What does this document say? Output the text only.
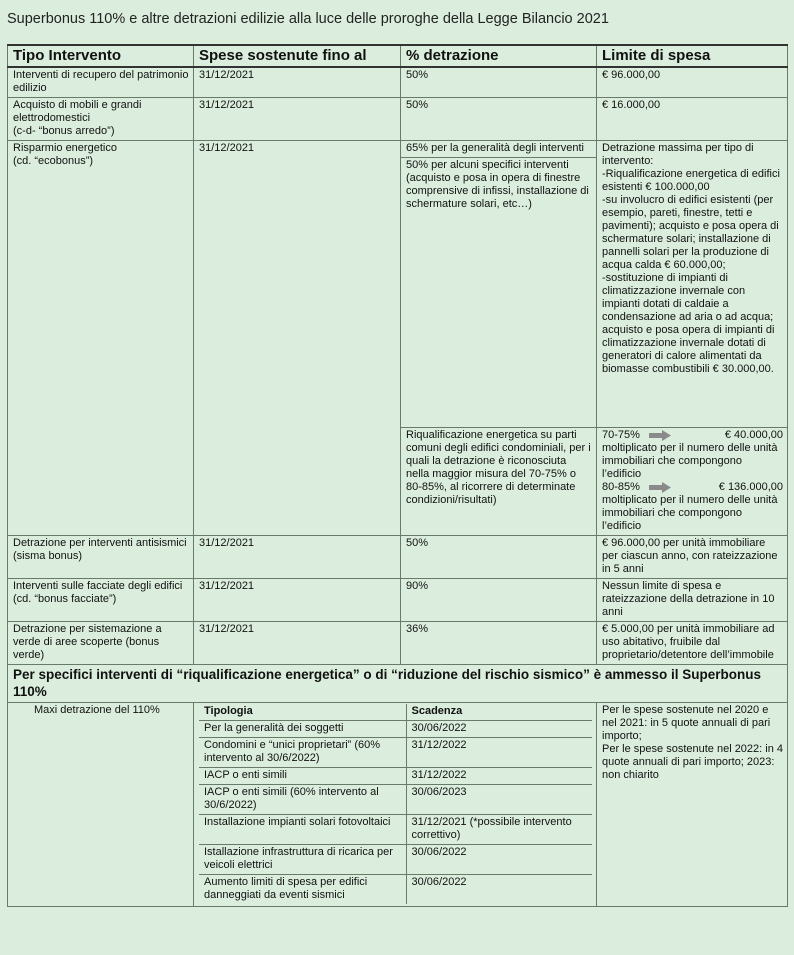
Superbonus 110% e altre detrazioni edilizie alla luce delle proroghe della Legge Bilancio 2021
Tipo Intervento	Spese sostenute fino al	% detrazione	Limite di spesa
Interventi di recupero del patrimonio edilizio	31/12/2021	50%	€ 96.000,00
Acquisto di mobili e grandi elettrodomestici
(c-d- “bonus arredo”)	31/12/2021	50%	€ 16.000,00
Risparmio energetico
(cd. “ecobonus”)	31/12/2021	65% per la generalità degli interventi	Detrazione massima per tipo di intervento:
-Riqualificazione energetica di edifici esistenti € 100.000,00
-su involucro di edifici esistenti (per esempio, pareti, finestre, tetti e pavimenti); acquisto e posa opera di schermature solari; installazione di pannelli solari per la produzione di acqua calda € 60.000,00;
-sostituzione di impianti di climatizzazione invernale con impianti dotati di caldaie a condensazione ad aria o ad acqua; acquisto e posa opera di impianti di climatizzazione invernale dotati di generatori di calore alimentati da biomasse combustibili € 30.000,00.
50% per alcuni specifici interventi (acquisto e posa in opera di finestre comprensive di infissi, installazione di schermature solari, etc…)
Riqualificazione energetica su parti comuni degli edifici condominiali, per i quali la detrazione è riconosciuta nella maggior misura del 70-75% o 80-85%, al ricorrere di determinate condizioni/risultati)	
70-75%	€ 40.000,00
moltiplicato per il numero delle unità immobiliari che compongono l’edificio
80-85%	€ 136.000,00
moltiplicato per il numero delle unità immobiliari che compongono l’edificio

Detrazione per interventi antisismici (sisma bonus)	31/12/2021	50%	€ 96.000,00 per unità immobiliare per ciascun anno, con rateizzazione in 5 anni
Interventi sulle facciate degli edifici (cd. “bonus facciate”)	31/12/2021	90%	Nessun limite di spesa e rateizzazione della detrazione in 10 anni
Detrazione per sistemazione a verde di aree scoperte (bonus verde)	31/12/2021	36%	€ 5.000,00 per unità immobiliare ad uso abitativo, fruibile dal proprietario/detentore dell’immobile
Per specifici interventi di “riqualificazione energetica” o di “riduzione del rischio sismico” è ammesso il Superbonus 110%
Maxi detrazione del 110%		Tipologia	Scadenza
Per la generalità dei soggetti	30/06/2022
Condomini e “unici proprietari” (60% intervento al 30/6/2022)	31/12/2022
IACP o enti simili	31/12/2022
IACP o enti simili (60% intervento al 30/6/2022)	30/06/2023
Installazione impianti solari fotovoltaici	31/12/2021 (*possibile intervento correttivo)
Istallazione infrastruttura di ricarica per veicoli elettrici	30/06/2022
Aumento limiti di spesa per edifici danneggiati da eventi sismici	30/06/2022
	Per le spese sostenute nel 2020 e nel 2021: in 5 quote annuali di pari importo;
Per le spese sostenute nel 2022: in 4 quote annuali di pari importo; 2023: non chiarito
